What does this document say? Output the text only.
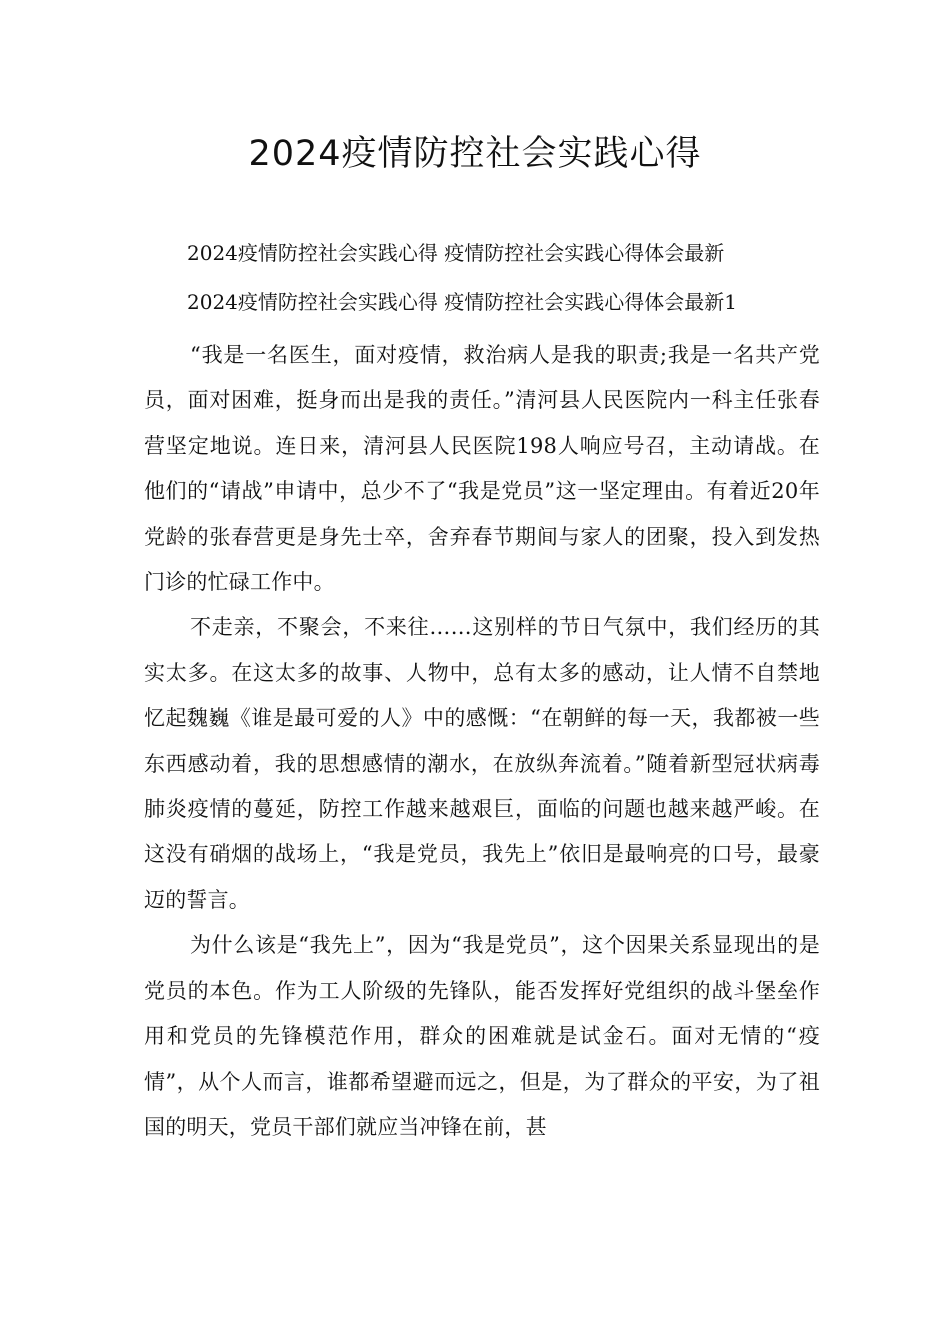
2024疫情防控社会实践心得

2024疫情防控社会实践心得 疫情防控社会实践心得体会最新

2024疫情防控社会实践心得 疫情防控社会实践心得体会最新1

“我是一名医生，面对疫情，救治病人是我的职责;我是一名共产党员，面对困难，挺身而出是我的责任。”清河县人民医院内一科主任张春营坚定地说。连日来，清河县人民医院198人响应号召，主动请战。在他们的“请战”申请中，总少不了“我是党员”这一坚定理由。有着近20年党龄的张春营更是身先士卒，舍弃春节期间与家人的团聚，投入到发热门诊的忙碌工作中。

不走亲，不聚会，不来往……这别样的节日气氛中，我们经历的其实太多。在这太多的故事、人物中，总有太多的感动，让人情不自禁地忆起魏巍《谁是最可爱的人》中的感慨：“在朝鲜的每一天，我都被一些东西感动着，我的思想感情的潮水，在放纵奔流着。”随着新型冠状病毒肺炎疫情的蔓延，防控工作越来越艰巨，面临的问题也越来越严峻。在这没有硝烟的战场上，“我是党员，我先上”依旧是最响亮的口号，最豪迈的誓言。

为什么该是“我先上”，因为“我是党员”，这个因果关系显现出的是党员的本色。作为工人阶级的先锋队，能否发挥好党组织的战斗堡垒作用和党员的先锋模范作用，群众的困难就是试金石。面对无情的“疫情”，从个人而言，谁都希望避而远之，但是，为了群众的平安，为了祖国的明天，党员干部们就应当冲锋在前，甚
